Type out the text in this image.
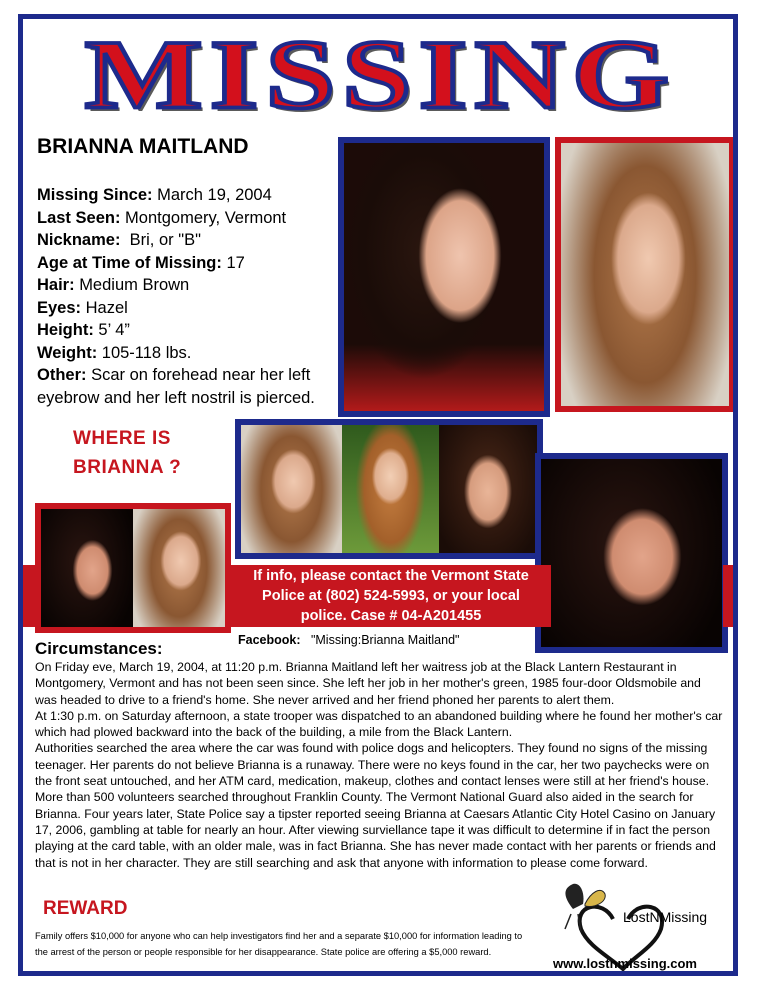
MISSING
BRIANNA MAITLAND
Missing Since: March 19, 2004
Last Seen: Montgomery, Vermont
Nickname: Bri, or "B"
Age at Time of Missing: 17
Hair: Medium Brown
Eyes: Hazel
Height: 5’ 4”
Weight: 105-118 lbs.
Other: Scar on forehead near her left eyebrow and her left nostril is pierced.
WHERE IS
BRIANNA ?
If info, please contact the Vermont State
Police at (802) 524-5993, or your local
police. Case # 04-A201455
Facebook: "Missing:Brianna Maitland"
Circumstances:

On Friday eve, March 19, 2004, at 11:20 p.m. Brianna Maitland left her waitress job at the Black Lantern Restaurant in Montgomery, Vermont and has not been seen since. She left her job in her mother's green, 1985 four-door Oldsmobile and was headed to drive to a friend's home. She never arrived and her friend phoned her parents to alert them.

At 1:30 p.m. on Saturday afternoon, a state trooper was dispatched to an abandoned building where he found her mother's car which had plowed backward into the back of the building, a mile from the Black Lantern.

Authorities searched the area where the car was found with police dogs and helicopters. They found no signs of the missing teenager. Her parents do not believe Brianna is a runaway. There were no keys found in the car, her two paychecks were on the front seat untouched, and her ATM card, medication, makeup, clothes and contact lenses were still at her friend's house. More than 500 volunteers searched throughout Franklin County. The Vermont National Guard also aided in the search for Brianna. Four years later, State Police say a tipster reported seeing Brianna at Caesars Atlantic City Hotel Casino on January 17, 2006, gambling at table for nearly an hour. After viewing surviellance tape it was difficult to determine if in fact the person playing at the card table, with an older male, was in fact Brianna. She has never made contact with her parents or friends and that is not in her character. They are still searching and ask that anyone with information to please come forward.

REWARD
Family offers $10,000 for anyone who can help investigators find her and a separate $10,000 for information leading to the arrest of the person or people responsible for her disappearance. State police are offering a $5,000 reward.
LostNMissing
www.lostnmissing.com
